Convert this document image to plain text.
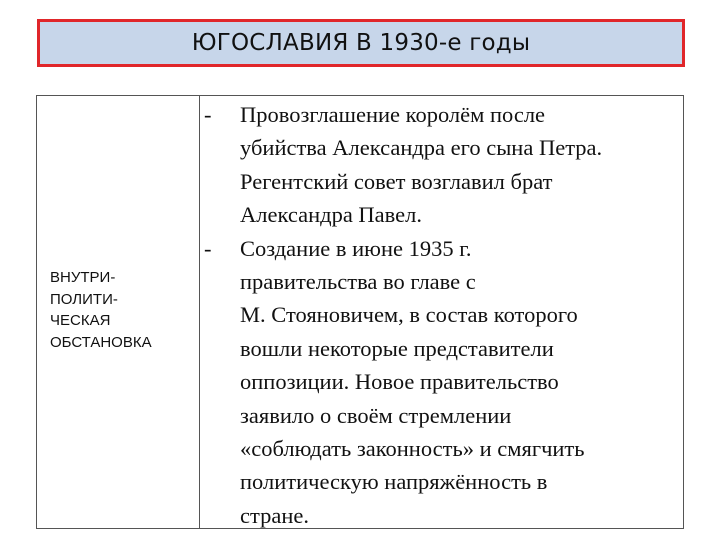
ЮГОСЛАВИЯ В 1930-е годы
ВНУТРИ-
ПОЛИТИ-
ЧЕСКАЯ
ОБСТАНОВКА
-	Провозглашение королём после
убийства Александра его сына Петра.
Регентский совет возглавил брат
Александра Павел.
-	Создание в июне 1935 г.
правительства во главе с
М. Стояновичем, в состав которого
вошли некоторые представители
оппозиции. Новое правительство
заявило о своём стремлении
«соблюдать законность» и смягчить
политическую напряжённость в
стране.
